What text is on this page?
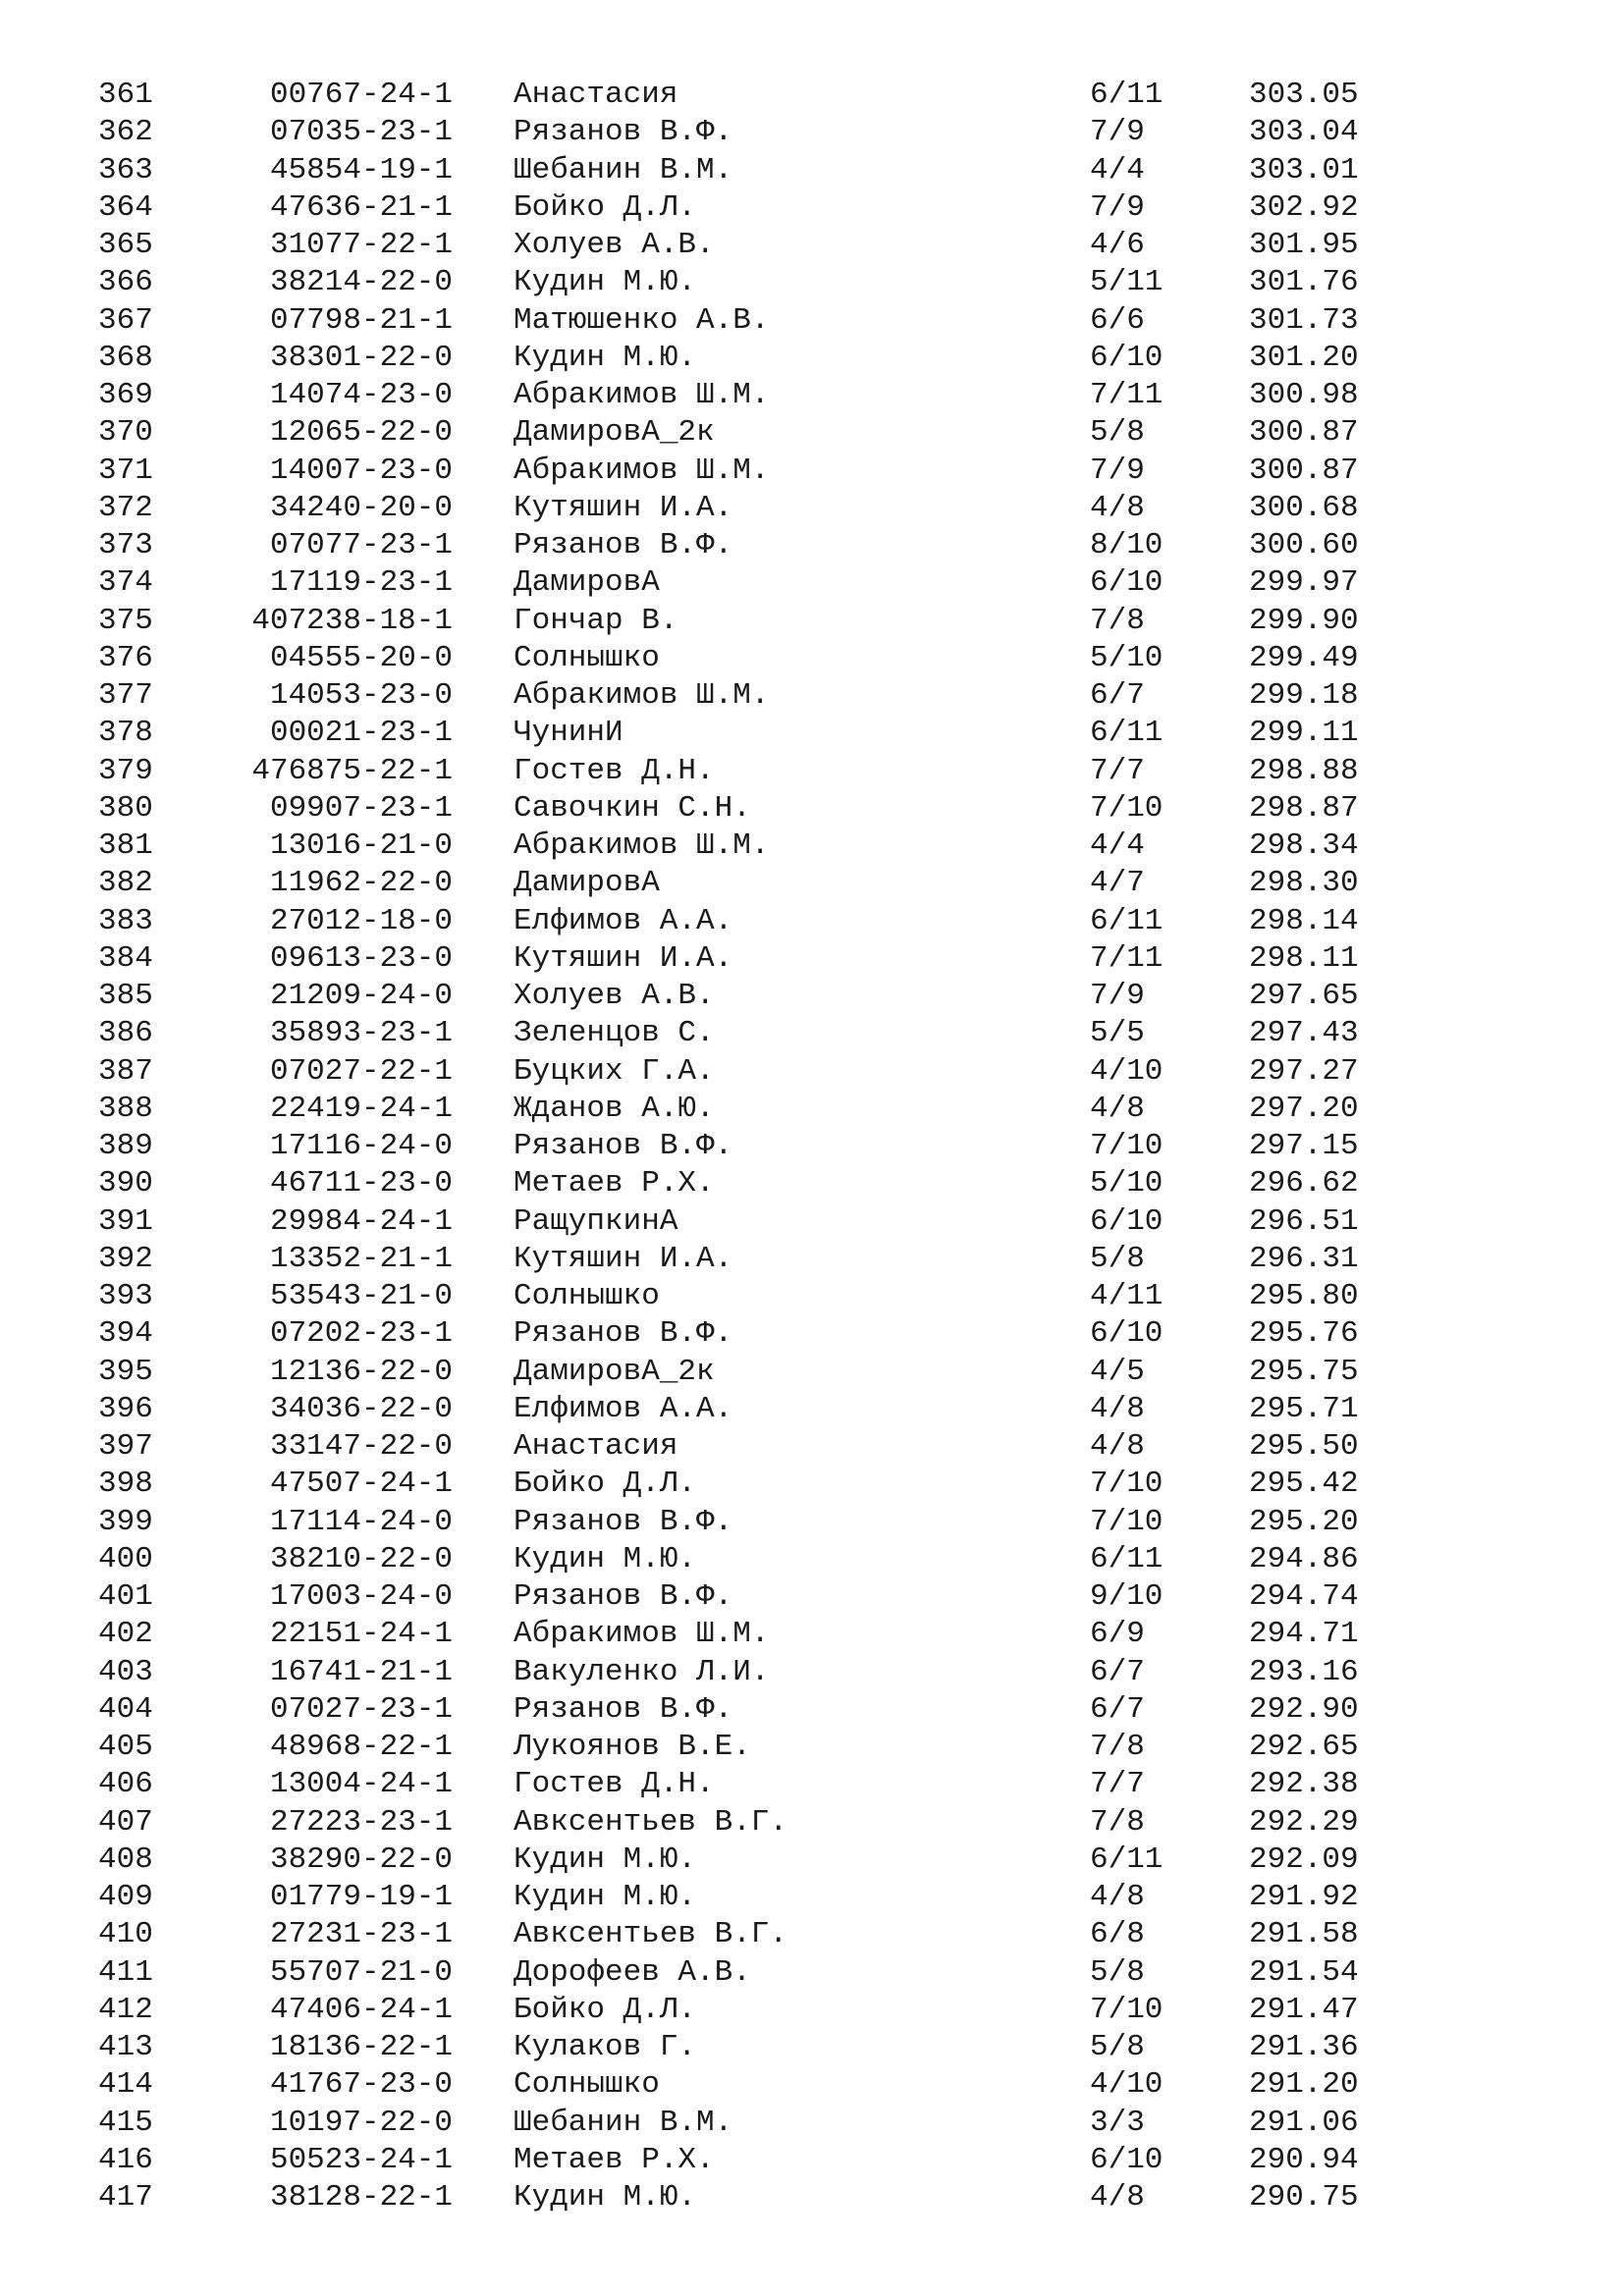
361	00767-24-1 Анастасия	6/11	303.05
362	07035-23-1 Рязанов В.Ф.	7/9	303.04
363	45854-19-1 Шебанин В.М.	4/4	303.01
364	47636-21-1 Бойко Д.Л.	7/9	302.92
365	31077-22-1 Холуев А.В.	4/6	301.95
366	38214-22-0 Кудин М.Ю.	5/11	301.76
367	07798-21-1 Матюшенко А.В.	6/6	301.73
368	38301-22-0 Кудин М.Ю.	6/10	301.20
369	14074-23-0 Абракимов Ш.М.	7/11	300.98
370	12065-22-0 ДамировА_2к	5/8	300.87
371	14007-23-0 Абракимов Ш.М.	7/9	300.87
372	34240-20-0 Кутяшин И.А.	4/8	300.68
373	07077-23-1 Рязанов В.Ф.	8/10	300.60
374	17119-23-1 ДамировА	6/10	299.97
375	407238-18-1 Гончар В.	7/8	299.90
376	04555-20-0 Солнышко	5/10	299.49
377	14053-23-0 Абракимов Ш.М.	6/7	299.18
378	00021-23-1 ЧунинИ	6/11	299.11
379	476875-22-1 Гостев Д.Н.	7/7	298.88
380	09907-23-1 Савочкин С.Н.	7/10	298.87
381	13016-21-0 Абракимов Ш.М.	4/4	298.34
382	11962-22-0 ДамировА	4/7	298.30
383	27012-18-0 Елфимов А.А.	6/11	298.14
384	09613-23-0 Кутяшин И.А.	7/11	298.11
385	21209-24-0 Холуев А.В.	7/9	297.65
386	35893-23-1 Зеленцов С.	5/5	297.43
387	07027-22-1 Буцких Г.А.	4/10	297.27
388	22419-24-1 Жданов А.Ю.	4/8	297.20
389	17116-24-0 Рязанов В.Ф.	7/10	297.15
390	46711-23-0 Метаев Р.Х.	5/10	296.62
391	29984-24-1 РащупкинА	6/10	296.51
392	13352-21-1 Кутяшин И.А.	5/8	296.31
393	53543-21-0 Солнышко	4/11	295.80
394	07202-23-1 Рязанов В.Ф.	6/10	295.76
395	12136-22-0 ДамировА_2к	4/5	295.75
396	34036-22-0 Елфимов А.А.	4/8	295.71
397	33147-22-0 Анастасия	4/8	295.50
398	47507-24-1 Бойко Д.Л.	7/10	295.42
399	17114-24-0 Рязанов В.Ф.	7/10	295.20
400	38210-22-0 Кудин М.Ю.	6/11	294.86
401	17003-24-0 Рязанов В.Ф.	9/10	294.74
402	22151-24-1 Абракимов Ш.М.	6/9	294.71
403	16741-21-1 Вакуленко Л.И.	6/7	293.16
404	07027-23-1 Рязанов В.Ф.	6/7	292.90
405	48968-22-1 Лукоянов В.Е.	7/8	292.65
406	13004-24-1 Гостев Д.Н.	7/7	292.38
407	27223-23-1 Авксентьев В.Г.	7/8	292.29
408	38290-22-0 Кудин М.Ю.	6/11	292.09
409	01779-19-1 Кудин М.Ю.	4/8	291.92
410	27231-23-1 Авксентьев В.Г.	6/8	291.58
411	55707-21-0 Дорофеев А.В.	5/8	291.54
412	47406-24-1 Бойко Д.Л.	7/10	291.47
413	18136-22-1 Кулаков Г.	5/8	291.36
414	41767-23-0 Солнышко	4/10	291.20
415	10197-22-0 Шебанин В.М.	3/3	291.06
416	50523-24-1 Метаев Р.Х.	6/10	290.94
417	38128-22-1 Кудин М.Ю.	4/8	290.75
